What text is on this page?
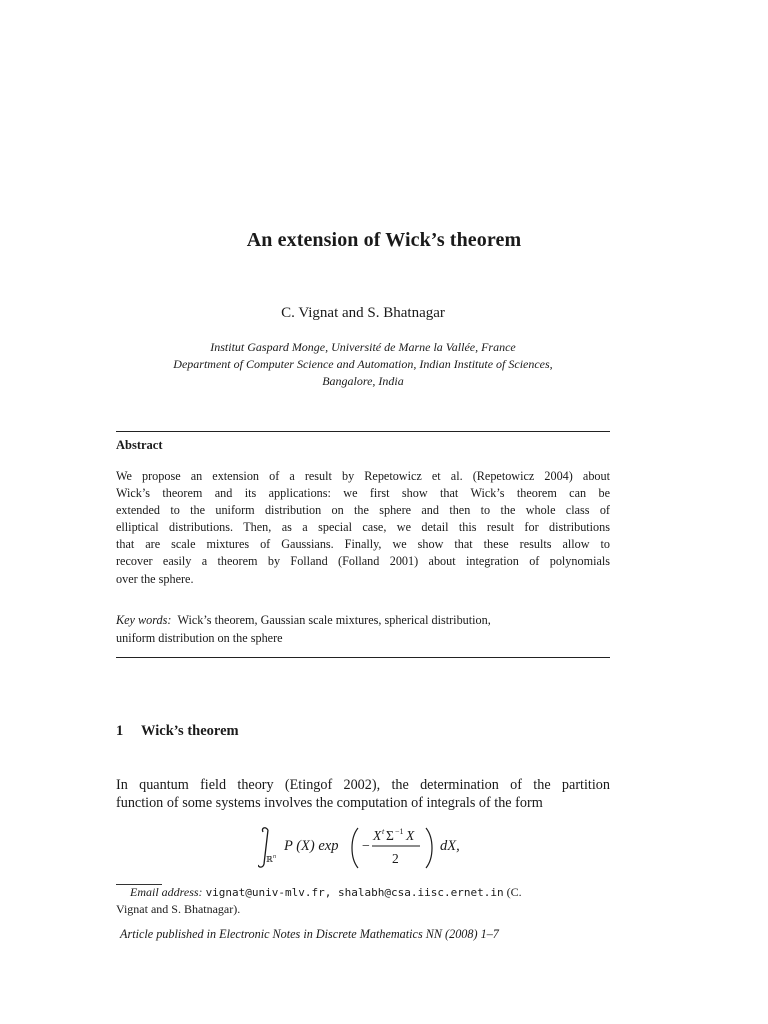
An extension of Wick’s theorem
C. Vignat and S. Bhatnagar
Institut Gaspard Monge, Université de Marne la Vallée, France
Department of Computer Science and Automation, Indian Institute of Sciences,
Bangalore, India
Abstract
We propose an extension of a result by Repetowicz et al. (Repetowicz 2004) about
Wick’s theorem and its applications: we first show that Wick’s theorem can be
extended to the uniform distribution on the sphere and then to the whole class of
elliptical distributions. Then, as a special case, we detail this result for distributions
that are scale mixtures of Gaussians. Finally, we show that these results allow to
recover easily a theorem by Folland (Folland 2001) about integration of polynomials
over the sphere.
Key words: Wick’s theorem, Gaussian scale mixtures, spherical distribution,
uniform distribution on the sphere
1 Wick’s theorem
In quantum field theory (Etingof 2002), the determination of the partition
function of some systems involves the computation of integrals of the form
ℝ n
P (X) exp −
X t Σ −1 X
2
dX,
Email address: vignat@univ-mlv.fr, shalabh@csa.iisc.ernet.in (C.
Vignat and S. Bhatnagar).
Article published in Electronic Notes in Discrete Mathematics NN (2008) 1–7
